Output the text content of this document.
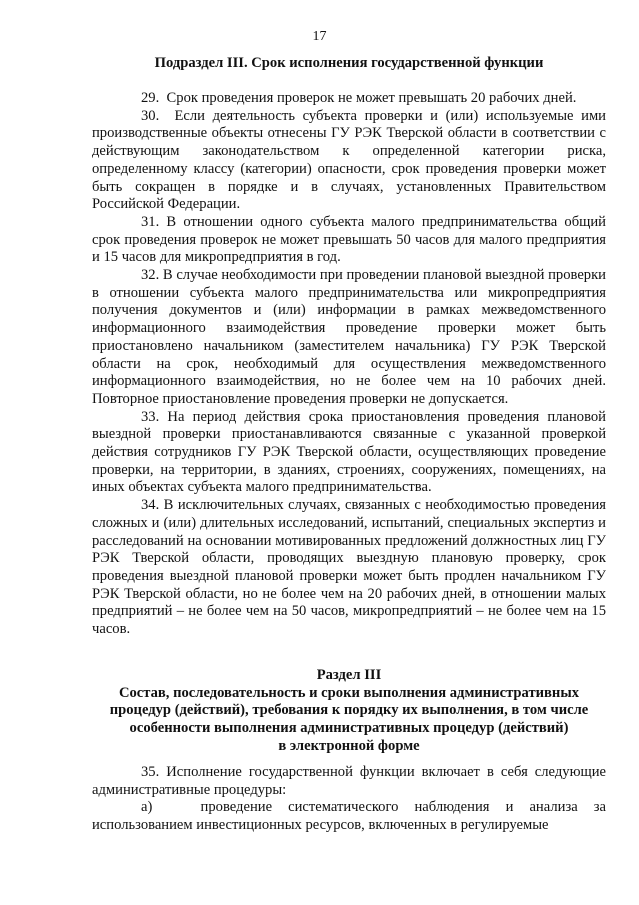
17
Подраздел III. Срок исполнения государственной функции

29.  Срок проведения проверок не может превышать 20 рабочих дней.

30.  Если деятельность субъекта проверки и (или) используемые ими производственные объекты отнесены ГУ РЭК Тверской области в соответствии с действующим законодательством к определенной категории риска, определенному классу (категории) опасности, срок проведения проверки может быть сокращен в порядке и в случаях, установленных Правительством Российской Федерации.

31. В отношении одного субъекта малого предпринимательства общий срок проведения проверок не может превышать 50 часов для малого предприятия и 15 часов для микропредприятия в год.

32. В случае необходимости при проведении плановой выездной проверки в отношении субъекта малого предпринимательства или микропредприятия получения документов и (или) информации в рамках межведомственного информационного взаимодействия проведение проверки может быть приостановлено начальником (заместителем начальника) ГУ РЭК Тверской области на срок, необходимый для осуществления межведомственного информационного взаимодействия, но не более чем на 10 рабочих дней. Повторное приостановление проведения проверки не допускается.

33. На период действия срока приостановления проведения плановой выездной проверки приостанавливаются связанные с указанной проверкой действия сотрудников ГУ РЭК Тверской области, осуществляющих проведение проверки, на территории, в зданиях, строениях, сооружениях, помещениях, на иных объектах субъекта малого предпринимательства.

34. В исключительных случаях, связанных с необходимостью проведения сложных и (или) длительных исследований, испытаний, специальных экспертиз и расследований на основании мотивированных предложений должностных лиц ГУ РЭК Тверской области, проводящих выездную плановую проверку, срок проведения выездной плановой проверки может быть продлен начальником ГУ РЭК Тверской области, но не более чем на 20 рабочих дней, в отношении малых предприятий – не более чем на 50 часов, микропредприятий – не более чем на 15 часов.

Раздел III
Состав, последовательность и сроки выполнения административных
процедур (действий), требования к порядку их выполнения, в том числе
особенности выполнения административных процедур (действий)
в электронной форме

35. Исполнение государственной функции включает в себя следующие административные процедуры:

а)   проведение систематического наблюдения и анализа за использованием инвестиционных ресурсов, включенных в регулируемые
